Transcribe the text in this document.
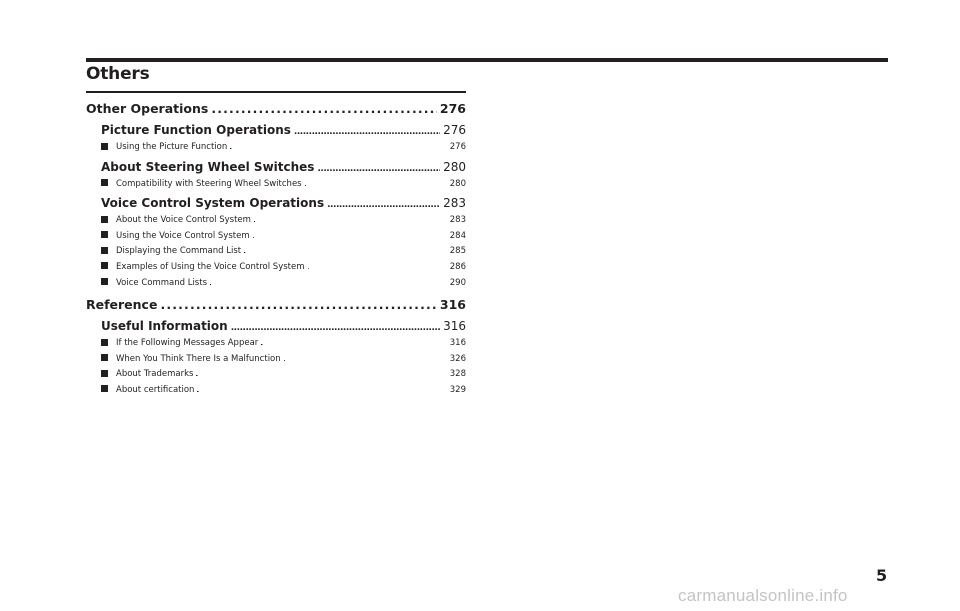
Others
Other Operations . . .	276
Picture Function Operations . . .	276
Using the Picture Function . . .	276
About Steering Wheel Switches . . .	280
Compatibility with Steering Wheel Switches . . .	280
Voice Control System Operations . . .	283
About the Voice Control System . . .	283
Using the Voice Control System . . .	284
Displaying the Command List . . .	285
Examples of Using the Voice Control System . . .	286
Voice Command Lists . . .	290
Reference . . .	316
Useful Information . . .	316
If the Following Messages Appear . . .	316
When You Think There Is a Malfunction . . .	326
About Trademarks . . .	328
About certification . . .	329
5
carmanualsonline.info
